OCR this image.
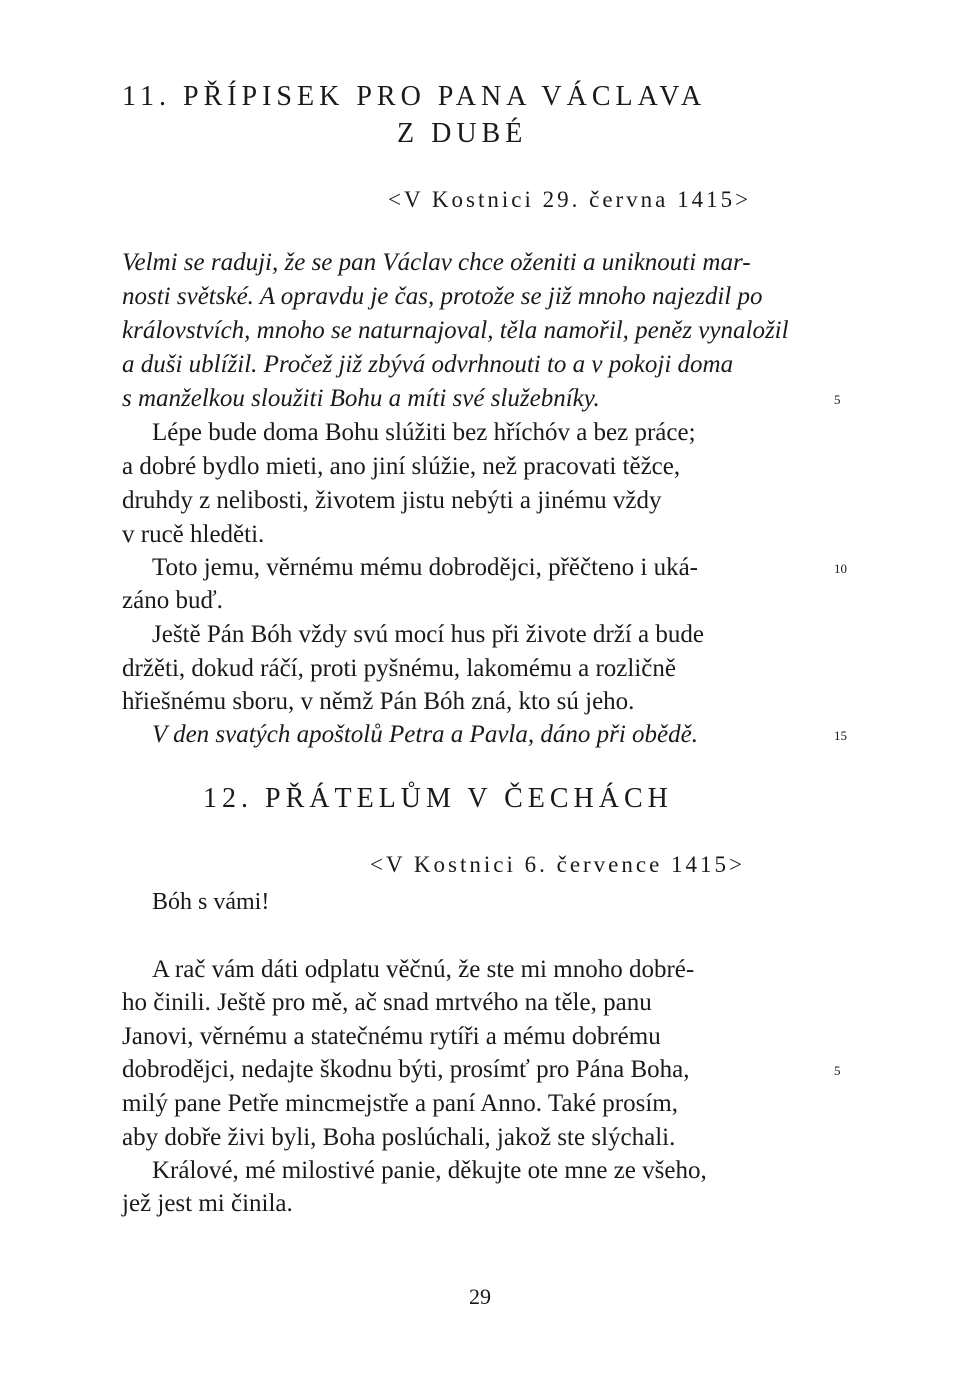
11. PŘÍPISEK PRO PANA VÁCLAVA
Z DUBÉ
<V Kostnici 29. června 1415>
Velmi se raduji, že se pan Václav chce oženiti a uniknouti mar-
nosti světské. A opravdu je čas, protože se již mnoho najezdil po
královstvích, mnoho se naturnajoval, těla namořil, peněz vynaložil
a duši ublížil. Pročež již zbývá odvrhnouti to a v pokoji doma
s manželkou sloužiti Bohu a míti své služebníky.	5
Lépe bude doma Bohu slúžiti bez hříchóv a bez práce;
a dobré bydlo mieti, ano jiní slúžie, než pracovati těžce,
druhdy z nelibosti, životem jistu nebýti a jinému vždy
v rucě hleděti.
Toto jemu, věrnému mému dobrodějci, přěčteno i uká-	10
záno buď.
Ještě Pán Bóh vždy svú mocí hus při živote drží a bude
držěti, dokud ráčí, proti pyšnému, lakomému a rozličně
hřiešnému sboru, v němž Pán Bóh zná, kto sú jeho.
V den svatých apoštolů Petra a Pavla, dáno při obědě.	15
12. PŘÁTELŮM V ČECHÁCH
<V Kostnici 6. července 1415>
Bóh s vámi!
A rač vám dáti odplatu věčnú, že ste mi mnoho dobré-
ho činili. Ještě pro mě, ač snad mrtvého na těle, panu
Janovi, věrnému a statečnému rytíři a mému dobrému
dobrodějci, nedajte škodnu býti, prosímť pro Pána Boha,	5
milý pane Petře mincmejstře a paní Anno. Také prosím,
aby dobře živi byli, Boha poslúchali, jakož ste slýchali.
Králové, mé milostivé panie, děkujte ote mne ze všeho,
jež jest mi činila.
29
